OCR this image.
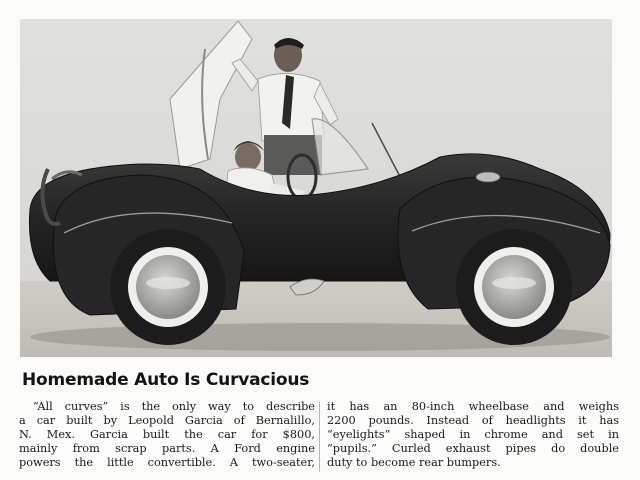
Homemade Auto Is Curvacious
“All curves” is the only way to describe
a car built by Leopold Garcia of Bernalillo,
N. Mex. Garcia built the car for $800,
mainly from scrap parts. A Ford engine
powers the little convertible. A two-seater,
it has an 80-inch wheelbase and weighs
2200 pounds. Instead of headlights it has
“eyelights” shaped in chrome and set in
“pupils.” Curled exhaust pipes do double
duty to become rear bumpers.
